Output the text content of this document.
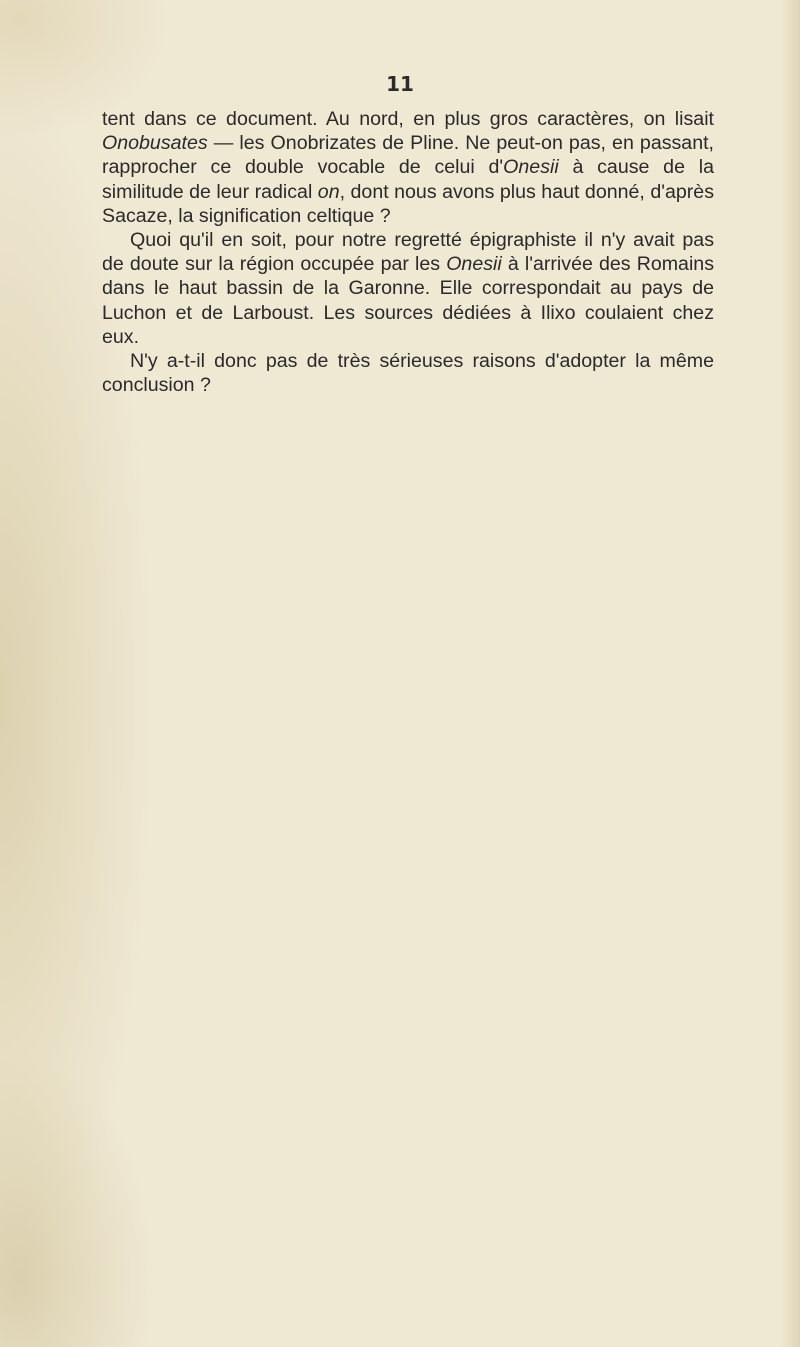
11

tent dans ce document. Au nord, en plus gros caractères, on lisait Onobusates — les Onobrizates de Pline. Ne peut-on pas, en passant, rapprocher ce double vocable de celui d'Onesii à cause de la similitude de leur radical on, dont nous avons plus haut donné, d'après Sacaze, la signification celtique ?

Quoi qu'il en soit, pour notre regretté épigraphiste il n'y avait pas de doute sur la région occupée par les Onesii à l'arrivée des Romains dans le haut bassin de la Garonne. Elle correspondait au pays de Luchon et de Larboust. Les sources dédiées à Ilixo coulaient chez eux.

N'y a-t-il donc pas de très sérieuses raisons d'adopter la même conclusion ?
